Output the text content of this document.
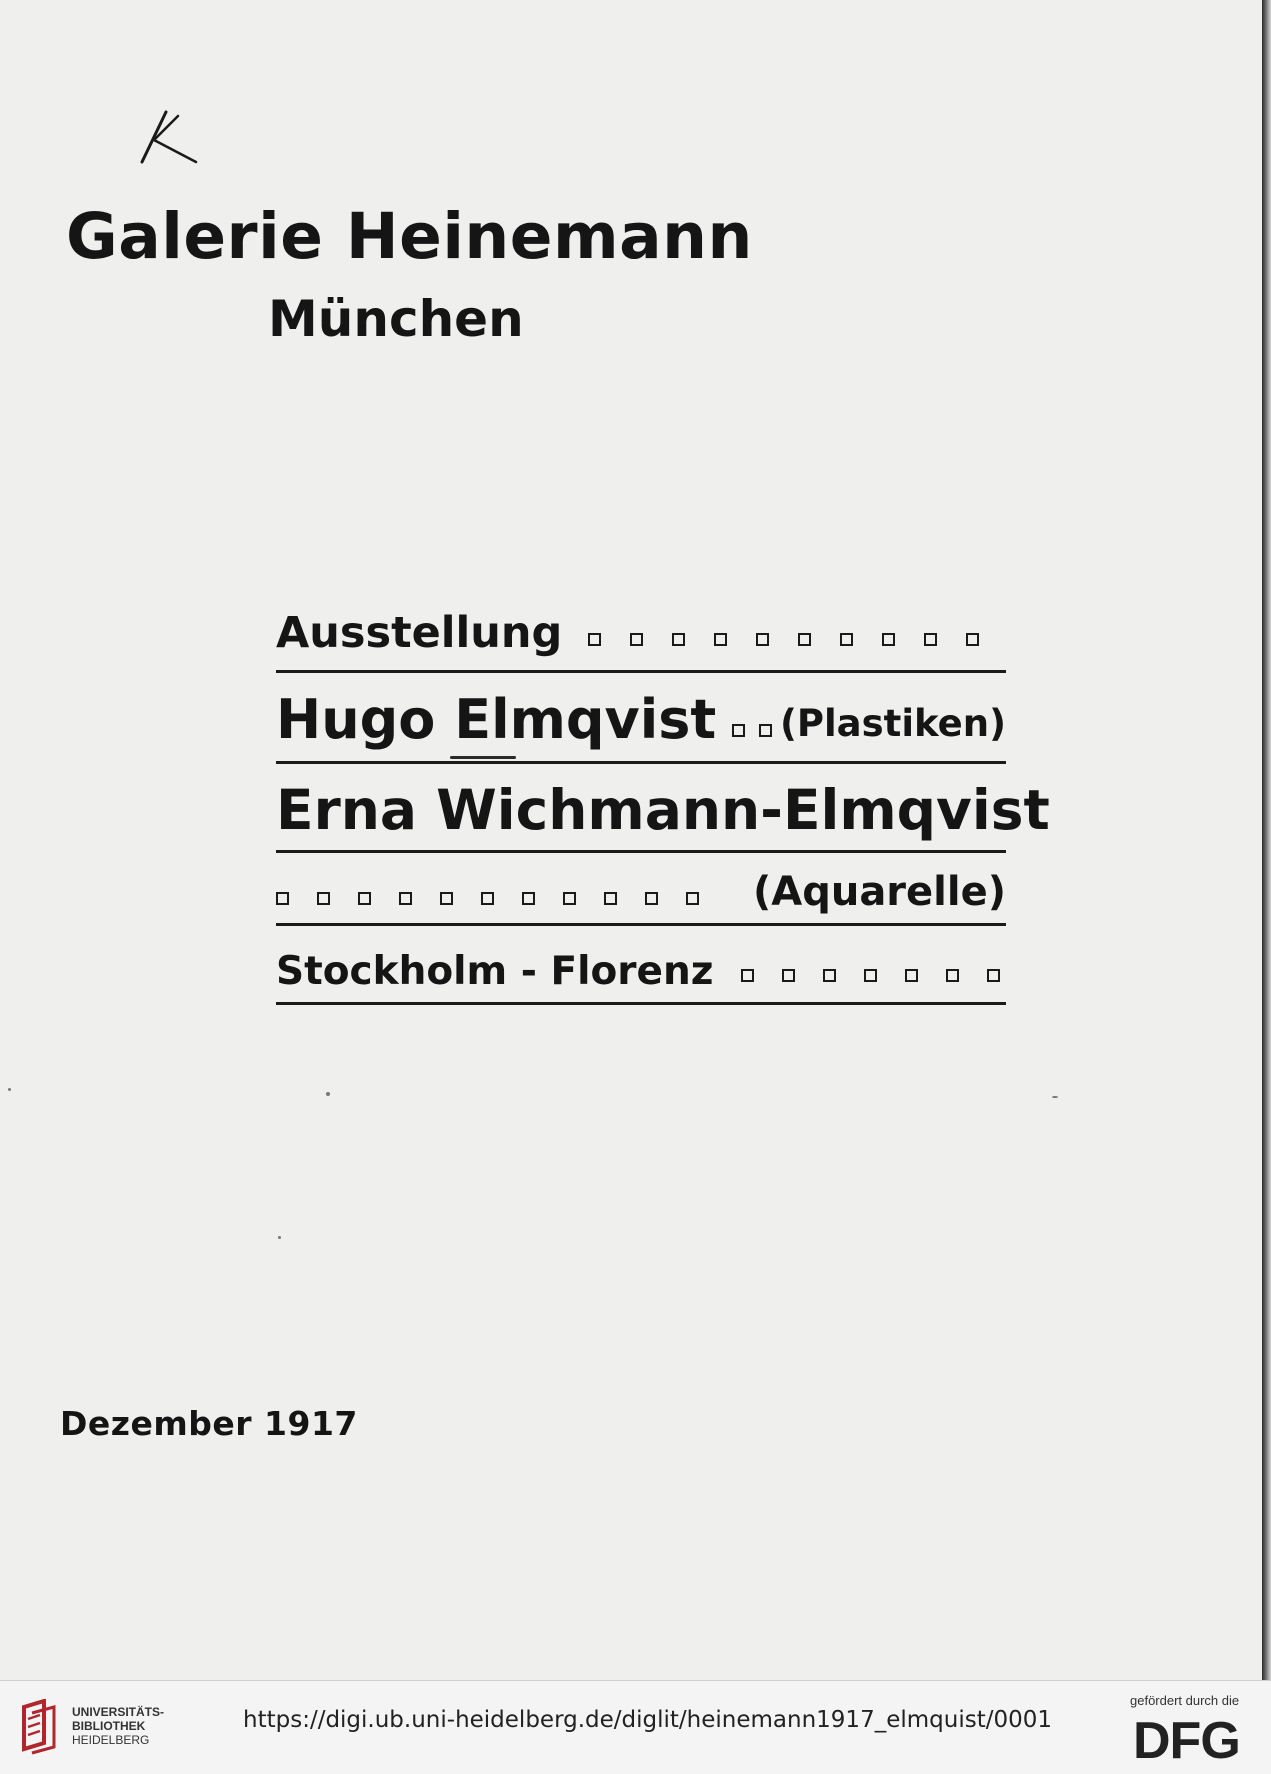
Galerie Heinemann
München
Ausstellung
Hugo Elmqvist (Plastiken)
Erna Wichmann-Elmqvist
(Aquarelle)
Stockholm - Florenz
Dezember 1917
UNIVERSITÄTS-
BIBLIOTHEK
HEIDELBERG
https://digi.ub.uni-heidelberg.de/diglit/heinemann1917_elmquist/0001
gefördert durch die
DFG
